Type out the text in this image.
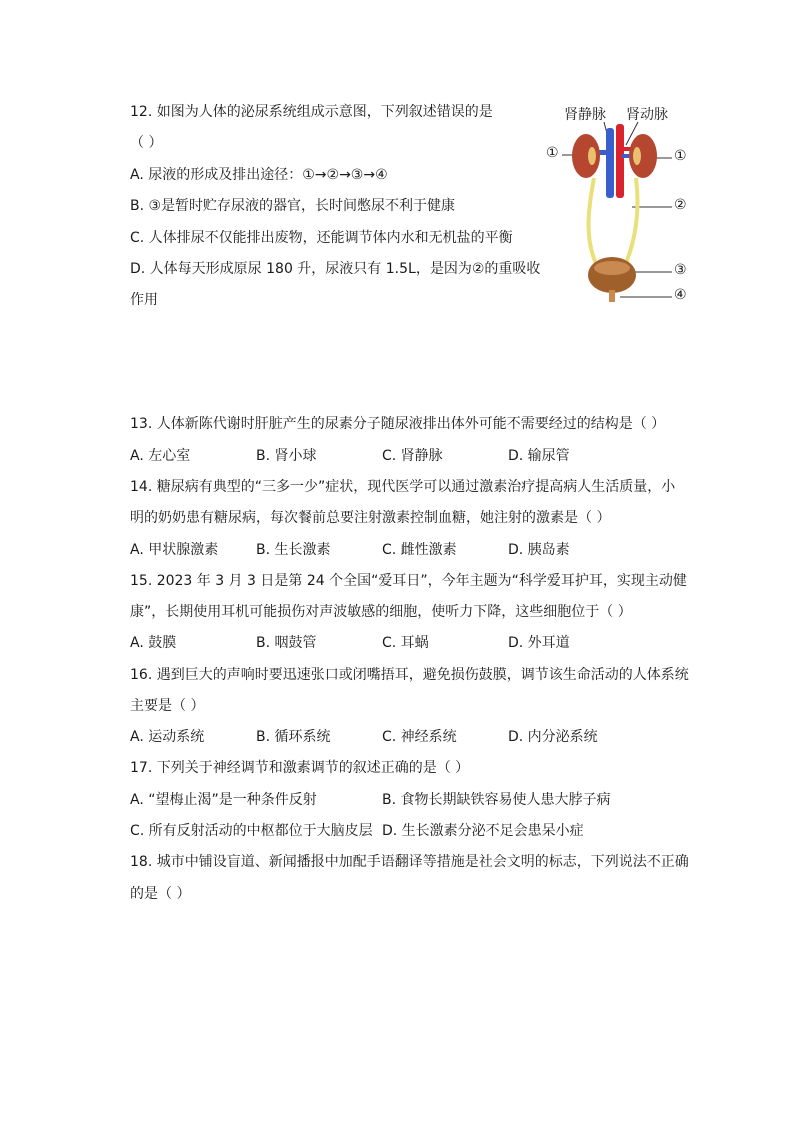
12. 如图为人体的泌尿系统组成示意图，下列叙述错误的是
（ ）
A. 尿液的形成及排出途径：①→②→③→④
B. ③是暂时贮存尿液的器官，长时间憋尿不利于健康
C. 人体排尿不仅能排出废物，还能调节体内水和无机盐的平衡
D. 人体每天形成原尿 180 升，尿液只有 1.5L，是因为②的重吸收
作用
肾静脉 肾动脉
①	①
②
③
④
13. 人体新陈代谢时肝脏产生的尿素分子随尿液排出体外可能不需要经过的结构是（ ）
A. 左心室	B. 肾小球	C. 肾静脉	D. 输尿管
14. 糖尿病有典型的“三多一少”症状，现代医学可以通过激素治疗提高病人生活质量，小
明的奶奶患有糖尿病，每次餐前总要注射激素控制血糖，她注射的激素是（ ）
A. 甲状腺激素	B. 生长激素	C. 雌性激素	D. 胰岛素
15. 2023 年 3 月 3 日是第 24 个全国“爱耳日”，今年主题为“科学爱耳护耳，实现主动健
康”，长期使用耳机可能损伤对声波敏感的细胞，使听力下降，这些细胞位于（ ）
A. 鼓膜	B. 咽鼓管	C. 耳蜗	D. 外耳道
16. 遇到巨大的声响时要迅速张口或闭嘴捂耳，避免损伤鼓膜，调节该生命活动的人体系统
主要是（ ）
A. 运动系统	B. 循环系统	C. 神经系统	D. 内分泌系统
17. 下列关于神经调节和激素调节的叙述正确的是（ ）
A. “望梅止渴”是一种条件反射	B. 食物长期缺铁容易使人患大脖子病
C. 所有反射活动的中枢都位于大脑皮层 D. 生长激素分泌不足会患呆小症
18. 城市中铺设盲道、新闻播报中加配手语翻译等措施是社会文明的标志，下列说法不正确
的是（ ）
